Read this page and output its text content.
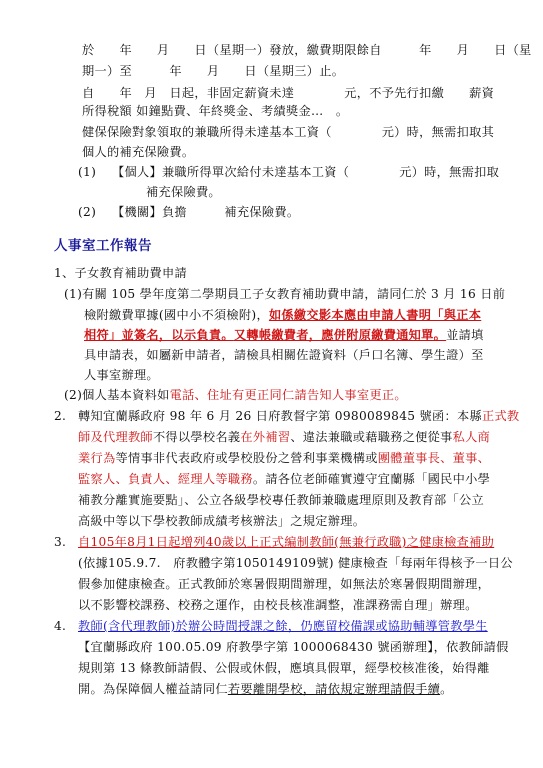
於　　年　　月　　日（星期一）發放，繳費期限餘自　　　年　　月　　日（星
期一）至　　　年　　月　　日（星期三）止。
自　　年　月　日起，非固定薪資未達　　　　元，不予先行扣繳　　薪資
所得稅額 如鐘點費、年終獎金、考績獎金…　。
健保保險對象領取的兼職所得未達基本工資（　　　　元）時，無需扣取其
個人的補充保險費。
(1) 【個人】兼職所得單次給付未達基本工資（　　　　元）時，無需扣取
補充保險費。
(2) 【機關】負擔　　　補充保險費。
人事室工作報告
1、子女教育補助費申請
(1)有關 105 學年度第二學期員工子女教育補助費申請，請同仁於 3 月 16 日前
檢附繳費單據(國中小不須檢附)，如係繳交影本應由申請人書明「與正本
相符」並簽名，以示負責。又轉帳繳費者，應併附原繳費通知單。並請填
具申請表，如屬新申請者，請檢具相關佐證資料（戶口名簿、學生證）至
人事室辦理。
(2)個人基本資料如電話、住址有更正同仁請告知人事室更正。
2. 轉知宜蘭縣政府 98 年 6 月 26 日府教督字第 0980089845 號函：本縣正式教
師及代理教師不得以學校名義在外補習、違法兼職或藉職務之便從事私人商
業行為等情事非代表政府或學校股份之營利事業機構或團體董事長、董事、
監察人、負責人、經理人等職務。請各位老師確實遵守宜蘭縣「國民中小學
補教分離實施要點」、公立各級學校專任教師兼職處理原則及教育部「公立
高級中等以下學校教師成績考核辦法」之規定辦理。
3. 自105年8月1日起增列40歲以上正式編制教師(無兼行政職)之健康檢查補助
(依據105.9.7.　府教體字第1050149109號) 健康檢查「每兩年得核予一日公
假參加健康檢查。正式教師於寒暑假期間辦理，如無法於寒暑假期間辦理，
以不影響校課務、校務之運作，由校長核准調整，准課務需自理」辦理。
4. 教師(含代理教師)於辦公時間授課之餘，仍應留校備課或協助輔導管教學生
【宜蘭縣政府 100.05.09 府教學字第 1000068430 號函辦理】，依教師請假
規則第 13 條教師請假、公假或休假，應填具假單，經學校核准後，始得離
開。為保障個人權益請同仁若要離開學校，請依規定辦理請假手續。
